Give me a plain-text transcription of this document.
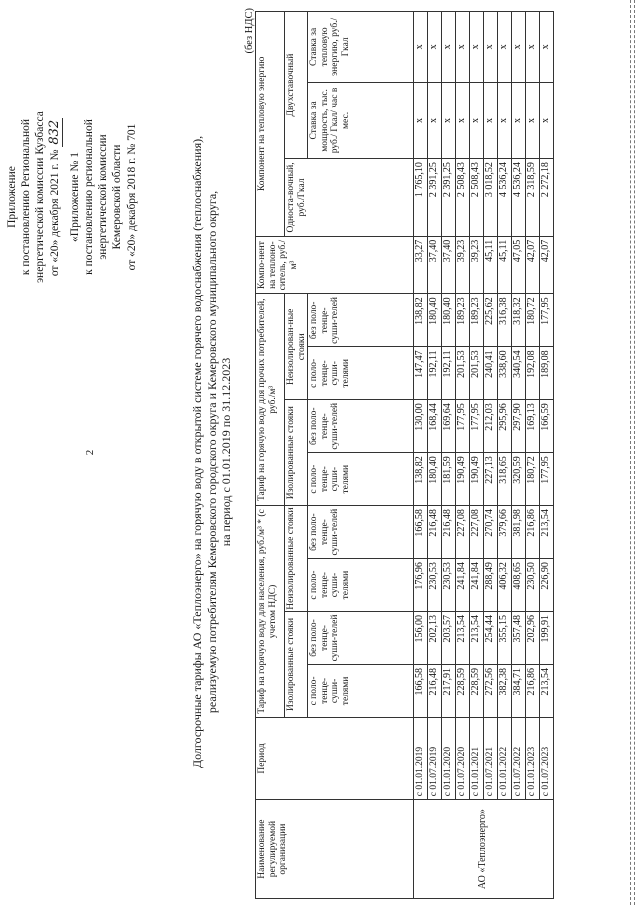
2
Приложение к постановлению Региональной энергетической комиссии Кузбасса от «20» декабря 2021 г. № 832
«Приложение № 1 к постановлению региональной энергетической комиссии Кемеровской области от «20» декабря 2018 г. № 701	Долгосрочные тарифы АО «Теплоэнерго» на горячую воду в открытой системе горячего водоснабжения (теплоснабжения), реализуемую потребителям Кемеровского городского округа и Кемеровского муниципального округа, на период с 01.01.2019 по 31.12.2023
(без НДС)
Наименование регулируемой организации	Период	Тариф на горячую воду для населения, руб./м³ * (с учетом НДС)				Тариф на горячую воду для прочих потребителей, руб./м³				Компо-нент на теплоно-ситель, руб./м³	Компонент на тепловую энергию		
		Изолированные стояки		Неизолированные стояки		Изолированные стояки		Неизолирован-ные стояки			Односта-вочный, руб./Гкал	Двухставочный	
		с поло-тенце-суши-телями	без поло-тенце-суши-телей	с поло-тенце-суши-телями	без поло-тенце-суши-телей	с поло-тенце-суши-телями	без поло-тенце-суши-телей	с поло-тенце-суши-телями	без поло-тенце-суши-телей			Ставка за мощность, тыс. руб./ Гкал/ час в мес.	Ставка за тепловую энергию, руб./Гкал
АО «Теплоэнерго»	с 01.01.2019	166,58	156,00	176,96	166,58	138,82	130,00	147,47	138,82	33,27	1 765,10	х	х
	с 01.07.2019	216,48	202,13	230,53	216,48	180,40	168,44	192,11	180,40	37,40	2 391,25	х	х
	с 01.01.2020	217,91	203,57	230,53	216,48	181,59	169,64	192,11	180,40	37,40	2 391,25	х	х
	с 01.07.2020	228,59	213,54	241,84	227,08	190,49	177,95	201,53	189,23	39,23	2 508,43	х	х
	с 01.01.2021	228,59	213,54	241,84	227,08	190,49	177,95	201,53	189,23	39,23	2 508,43	х	х
	с 01.07.2021	272,56	254,44	288,49	270,74	227,13	212,03	240,41	225,62	45,11	3 018,52	х	х
	с 01.01.2022	382,38	355,15	406,32	379,66	318,65	295,96	338,60	316,38	45,11	4 536,24	х	х
	с 01.07.2022	384,71	357,48	408,65	381,98	320,59	297,90	340,54	318,32	47,05	4 536,24	х	х
	с 01.01.2023	216,86	202,96	230,50	216,86	180,72	169,13	192,08	180,72	42,07	2 318,59	х	х
	с 01.07.2023	213,54	199,91	226,90	213,54	177,95	166,59	189,08	177,95	42,07	2 272,18	х	х
